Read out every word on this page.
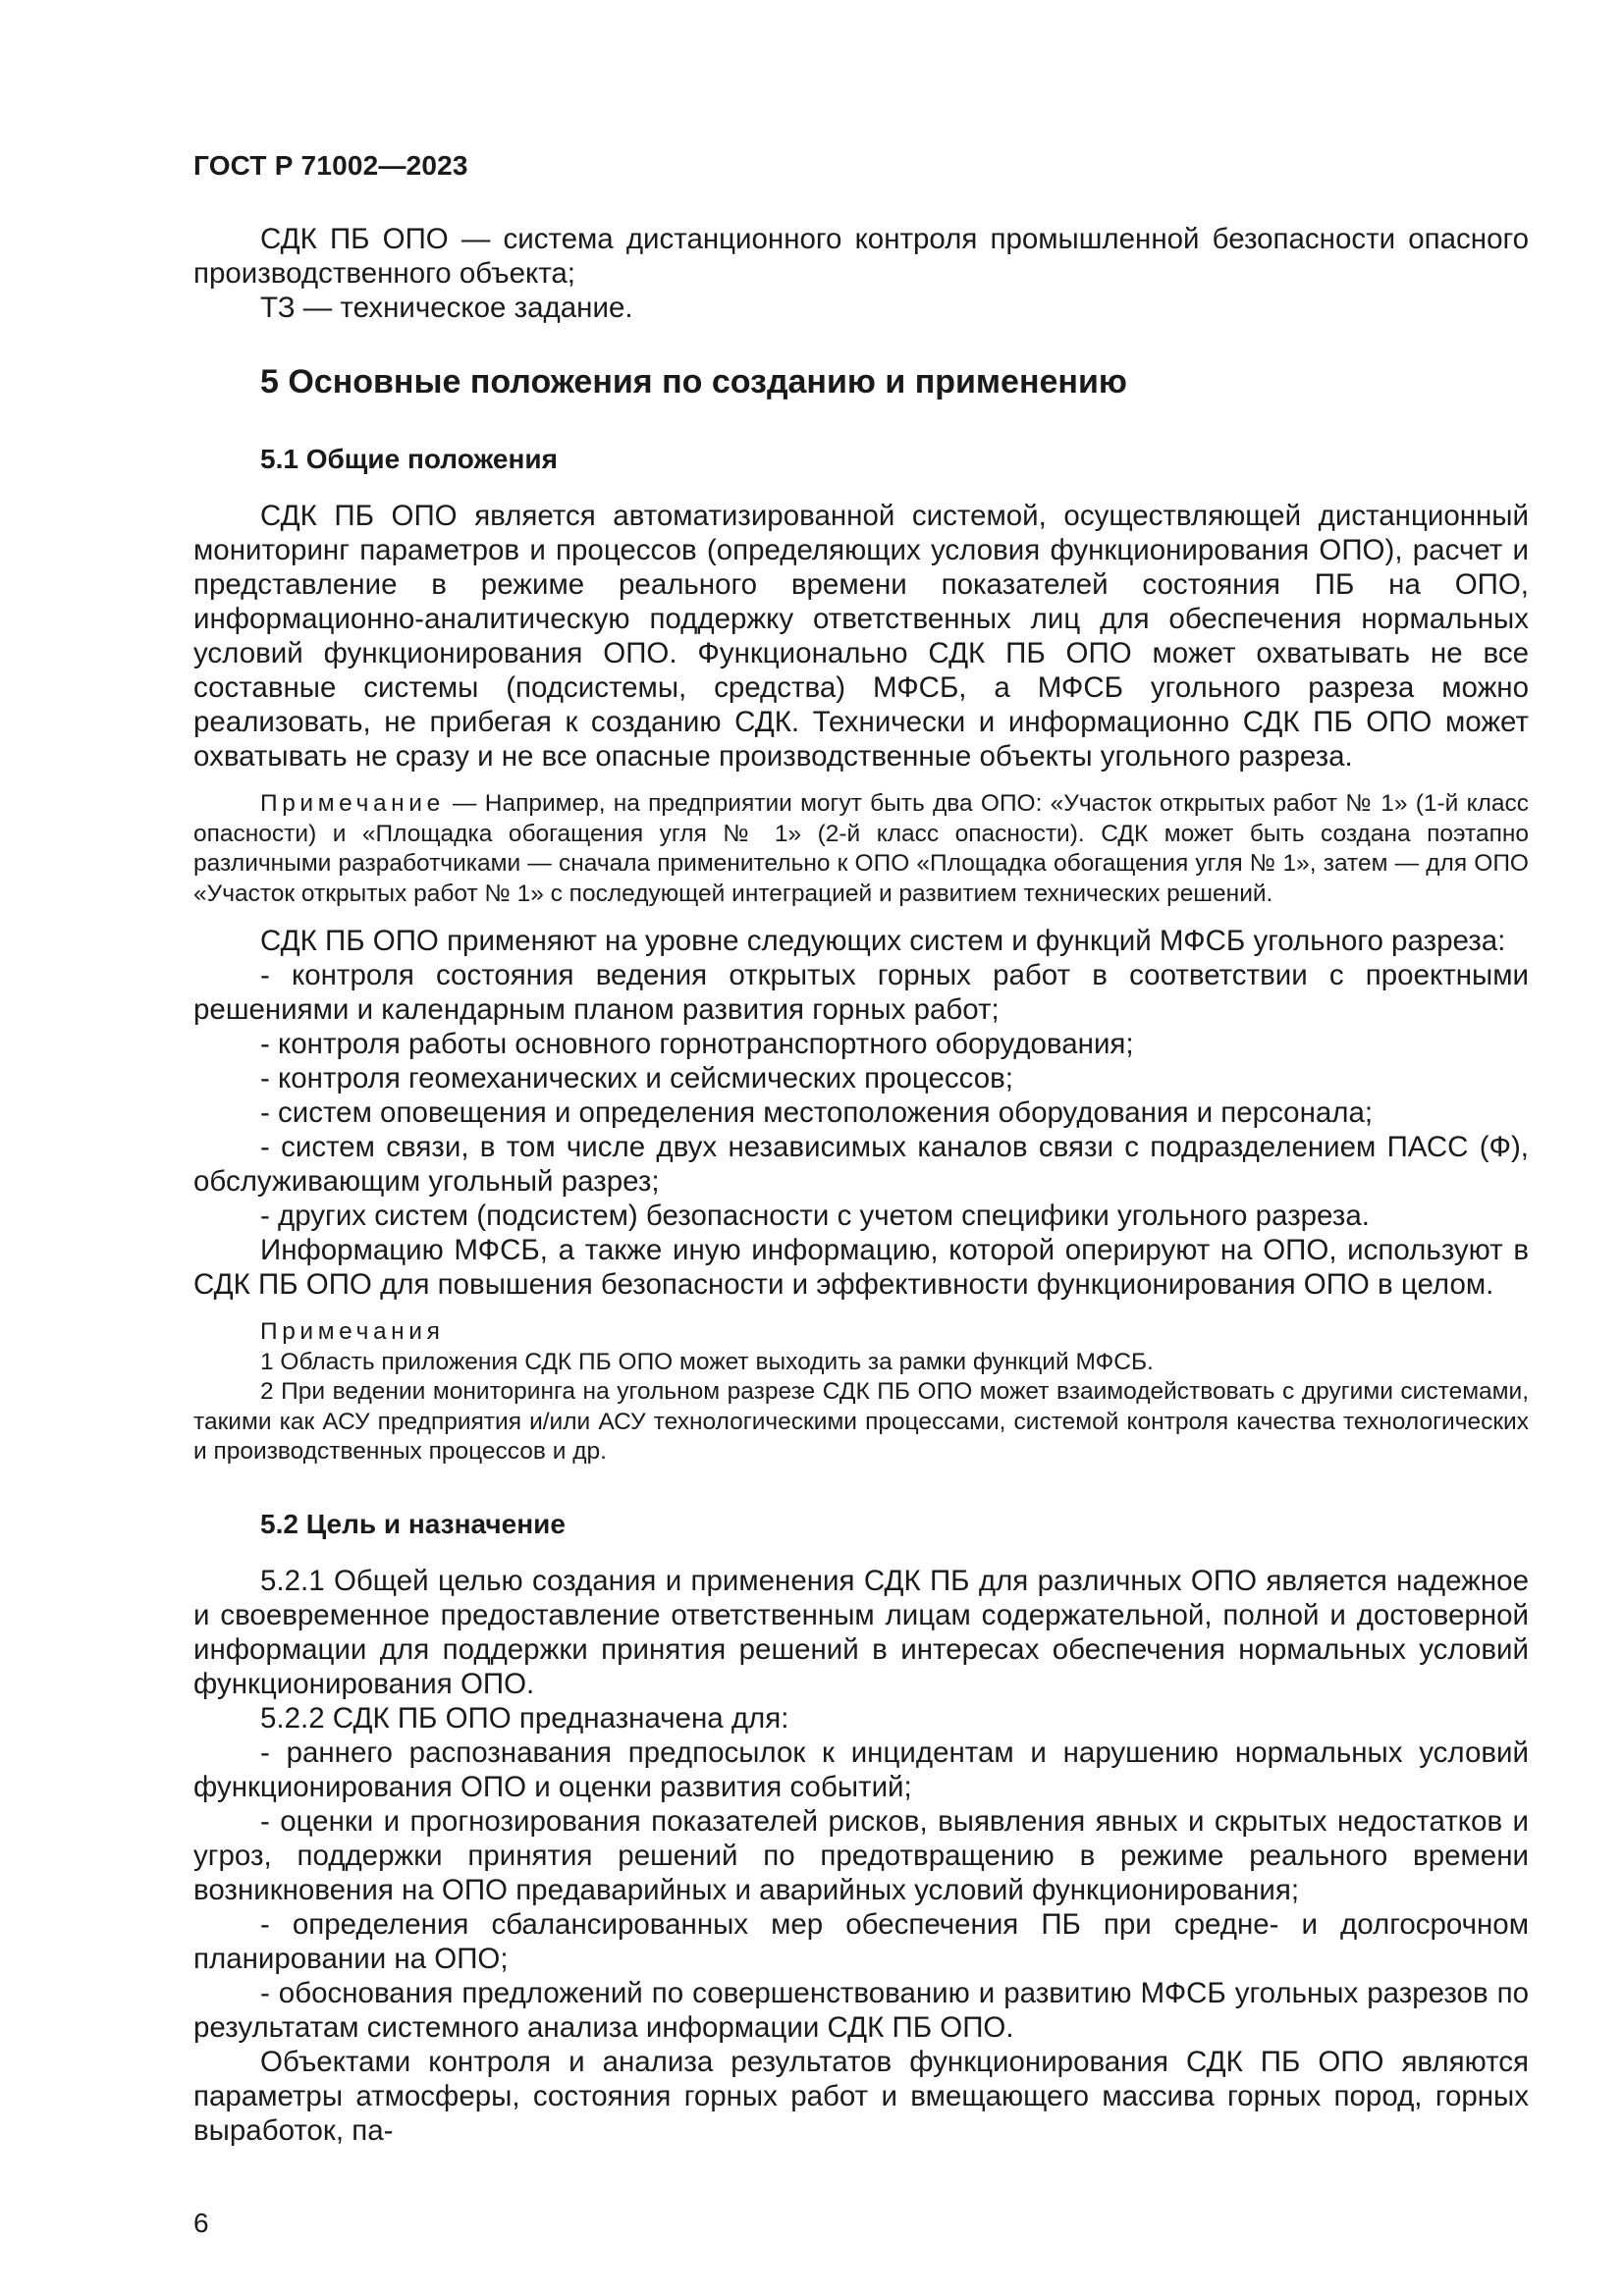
ГОСТ Р 71002—2023

СДК ПБ ОПО — система дистанционного контроля промышленной безопасности опасного производственного объекта;

ТЗ — техническое задание.

5 Основные положения по созданию и применению

5.1 Общие положения

СДК ПБ ОПО является автоматизированной системой, осуществляющей дистанционный мониторинг параметров и процессов (определяющих условия функционирования ОПО), расчет и представление в режиме реального времени показателей состояния ПБ на ОПО, информационно-аналитическую поддержку ответственных лиц для обеспечения нормальных условий функционирования ОПО. Функционально СДК ПБ ОПО может охватывать не все составные системы (подсистемы, средства) МФСБ, а МФСБ угольного разреза можно реализовать, не прибегая к созданию СДК. Технически и информационно СДК ПБ ОПО может охватывать не сразу и не все опасные производственные объекты угольного разреза.

Примечание — Например, на предприятии могут быть два ОПО: «Участок открытых работ № 1» (1-й класс опасности) и «Площадка обогащения угля № 1» (2-й класс опасности). СДК может быть создана поэтапно различными разработчиками — сначала применительно к ОПО «Площадка обогащения угля № 1», затем — для ОПО «Участок открытых работ № 1» с последующей интеграцией и развитием технических решений.

СДК ПБ ОПО применяют на уровне следующих систем и функций МФСБ угольного разреза:

- контроля состояния ведения открытых горных работ в соответствии с проектными решениями и календарным планом развития горных работ;

- контроля работы основного горнотранспортного оборудования;

- контроля геомеханических и сейсмических процессов;

- систем оповещения и определения местоположения оборудования и персонала;

- систем связи, в том числе двух независимых каналов связи с подразделением ПАСС (Ф), обслуживающим угольный разрез;

- других систем (подсистем) безопасности с учетом специфики угольного разреза.

Информацию МФСБ, а также иную информацию, которой оперируют на ОПО, используют в СДК ПБ ОПО для повышения безопасности и эффективности функционирования ОПО в целом.

Примечания

1 Область приложения СДК ПБ ОПО может выходить за рамки функций МФСБ.

2 При ведении мониторинга на угольном разрезе СДК ПБ ОПО может взаимодействовать с другими системами, такими как АСУ предприятия и/или АСУ технологическими процессами, системой контроля качества технологических и производственных процессов и др.

5.2 Цель и назначение

5.2.1 Общей целью создания и применения СДК ПБ для различных ОПО является надежное и своевременное предоставление ответственным лицам содержательной, полной и достоверной информации для поддержки принятия решений в интересах обеспечения нормальных условий функционирования ОПО.

5.2.2 СДК ПБ ОПО предназначена для:

- раннего распознавания предпосылок к инцидентам и нарушению нормальных условий функционирования ОПО и оценки развития событий;

- оценки и прогнозирования показателей рисков, выявления явных и скрытых недостатков и угроз, поддержки принятия решений по предотвращению в режиме реального времени возникновения на ОПО предаварийных и аварийных условий функционирования;

- определения сбалансированных мер обеспечения ПБ при средне- и долгосрочном планировании на ОПО;

- обоснования предложений по совершенствованию и развитию МФСБ угольных разрезов по результатам системного анализа информации СДК ПБ ОПО.

Объектами контроля и анализа результатов функционирования СДК ПБ ОПО являются параметры атмосферы, состояния горных работ и вмещающего массива горных пород, горных выработок, па-

6
